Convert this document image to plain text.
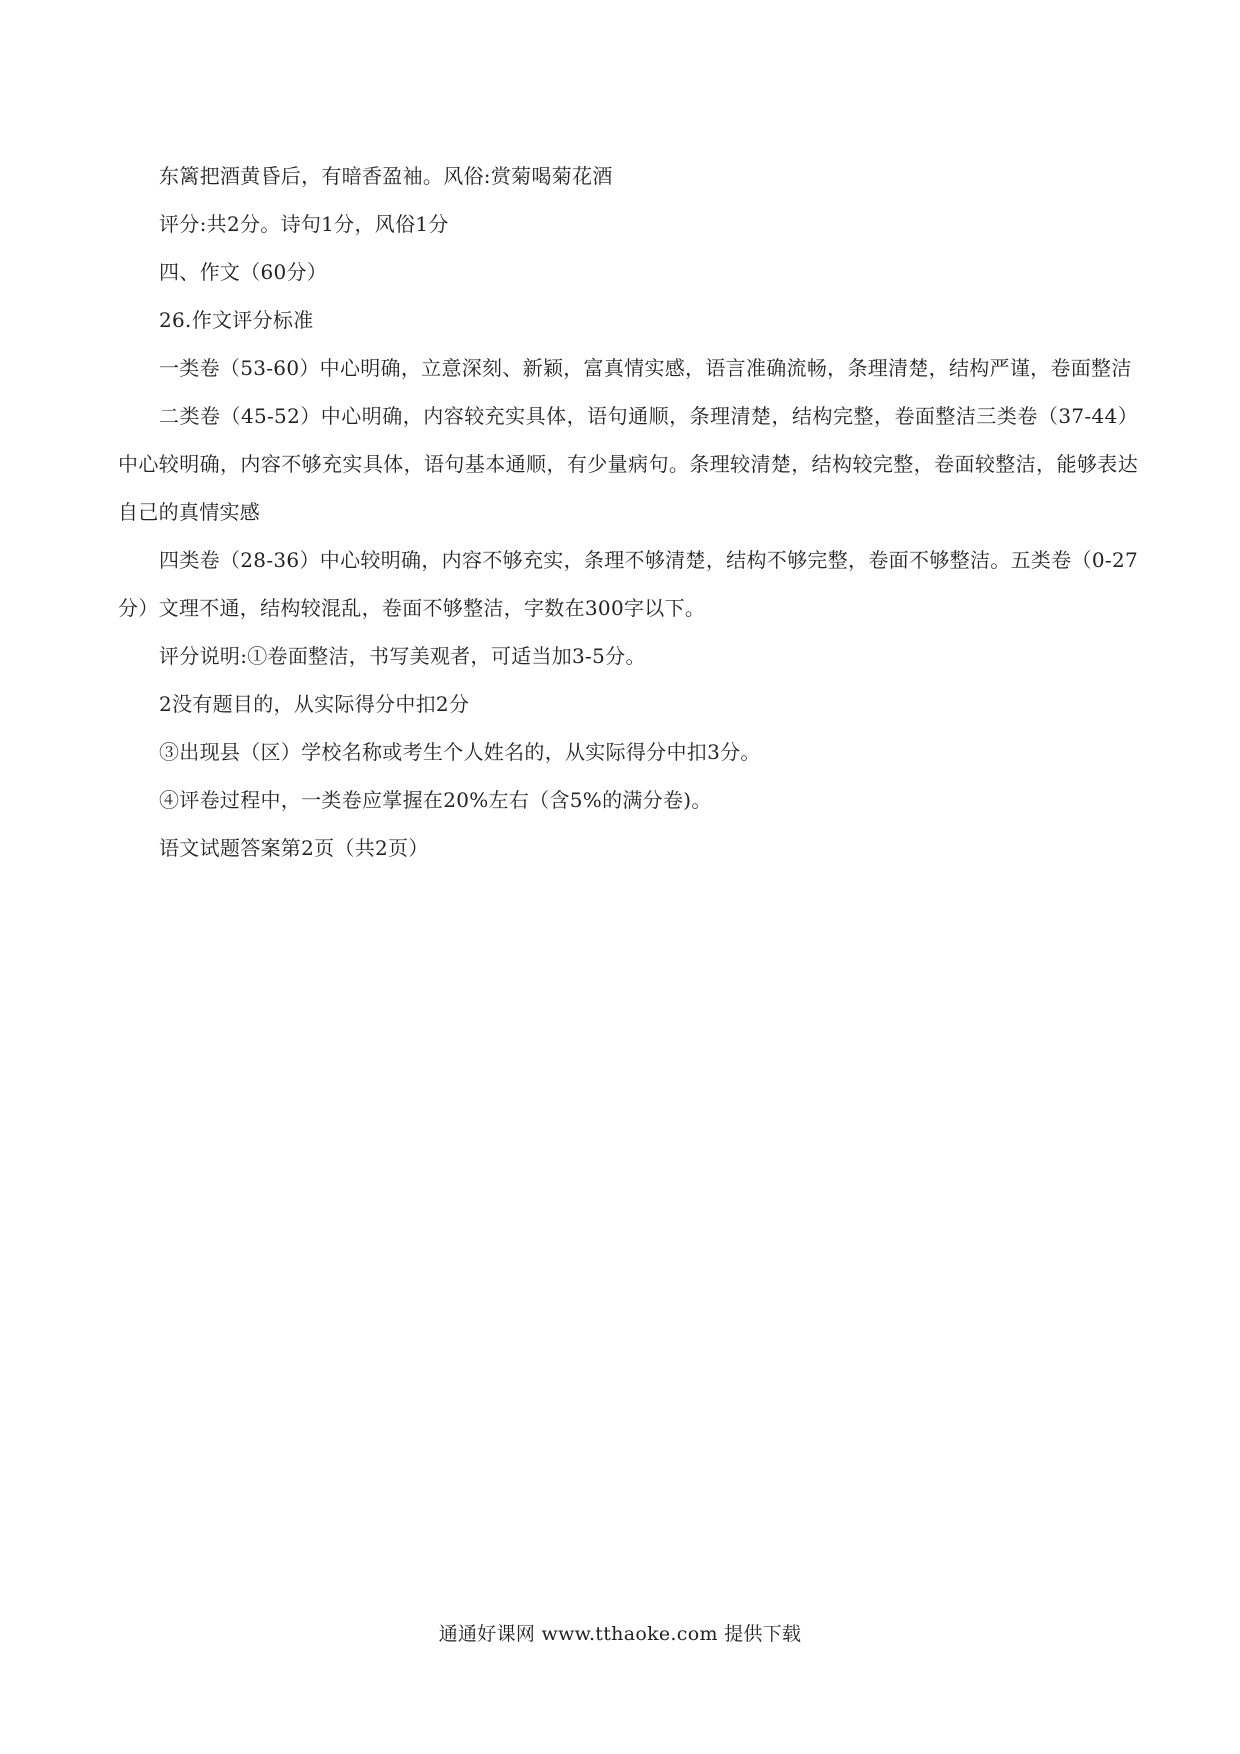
东篱把酒黄昏后，有暗香盈袖。风俗:赏菊喝菊花酒

评分:共2分。诗句1分，风俗1分

四、作文（60分）

26.作文评分标准

一类卷（53-60）中心明确，立意深刻、新颖，富真情实感，语言准确流畅，条理清楚，结构严谨，卷面整洁

二类卷（45-52）中心明确，内容较充实具体，语句通顺，条理清楚，结构完整，卷面整洁三类卷（37-44）中心较明确，内容不够充实具体，语句基本通顺，有少量病句。条理较清楚，结构较完整，卷面较整洁，能够表达自己的真情实感

四类卷（28-36）中心较明确，内容不够充实，条理不够清楚，结构不够完整，卷面不够整洁。五类卷（0-27分）文理不通，结构较混乱，卷面不够整洁，字数在300字以下。

评分说明:①卷面整洁，书写美观者，可适当加3-5分。

2没有题目的，从实际得分中扣2分

③出现县（区）学校名称或考生个人姓名的，从实际得分中扣3分。

④评卷过程中，一类卷应掌握在20%左右（含5%的满分卷)。

语文试题答案第2页（共2页）

通通好课网 www.tthaoke.com 提供下载
